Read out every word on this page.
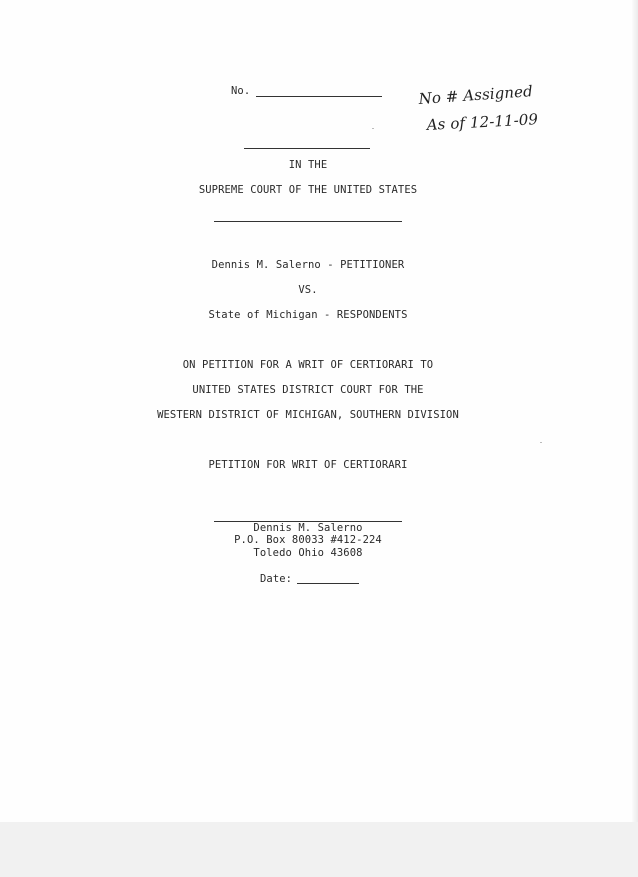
No.	No # Assigned
As of 12-11-09
IN THE
SUPREME COURT OF THE UNITED STATES
Dennis M. Salerno - PETITIONER
VS.
State of Michigan - RESPONDENTS
ON PETITION FOR A WRIT OF CERTIORARI TO
UNITED STATES DISTRICT COURT FOR THE
WESTERN DISTRICT OF MICHIGAN, SOUTHERN DIVISION
PETITION FOR WRIT OF CERTIORARI
Dennis M. Salerno
P.O. Box 80033 #412-224
Toledo Ohio 43608
Date:
